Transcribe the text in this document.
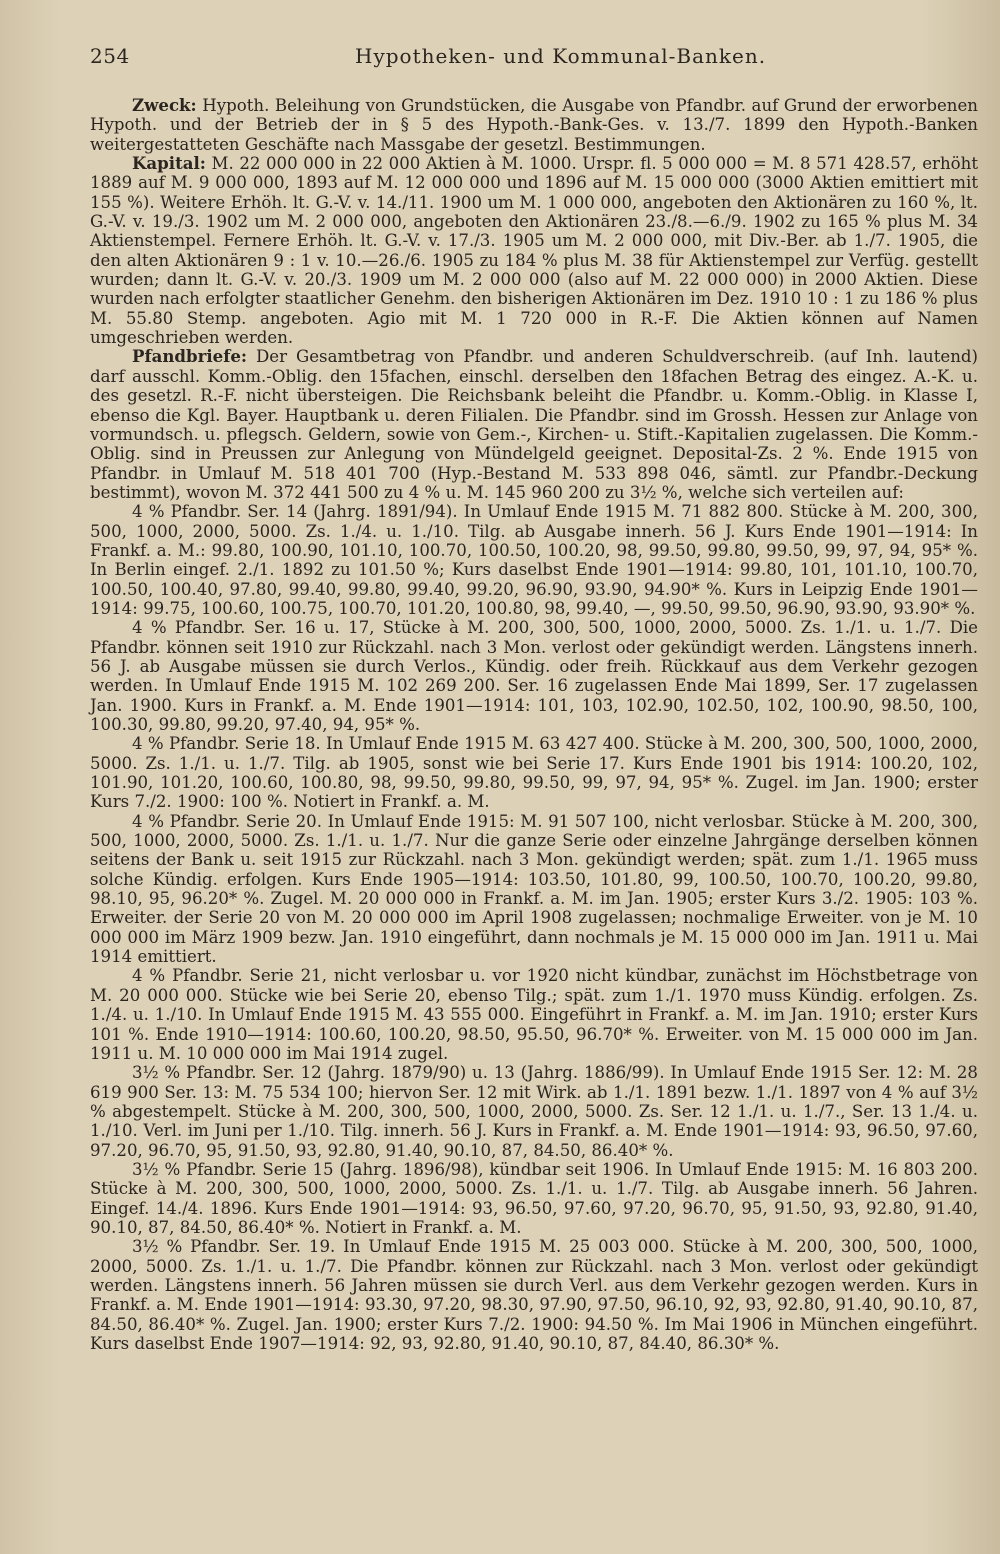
254	Hypotheken- und Kommunal-Banken.

Zweck: Hypoth. Beleihung von Grundstücken, die Ausgabe von Pfandbr. auf Grund der erworbenen Hypoth. und der Betrieb der in § 5 des Hypoth.-Bank-Ges. v. 13./7. 1899 den Hypoth.-Banken weitergestatteten Geschäfte nach Massgabe der gesetzl. Bestimmungen.

Kapital: M. 22 000 000 in 22 000 Aktien à M. 1000. Urspr. fl. 5 000 000 = M. 8 571 428.57, erhöht 1889 auf M. 9 000 000, 1893 auf M. 12 000 000 und 1896 auf M. 15 000 000 (3000 Aktien emittiert mit 155 %). Weitere Erhöh. lt. G.-V. v. 14./11. 1900 um M. 1 000 000, angeboten den Aktionären zu 160 %, lt. G.-V. v. 19./3. 1902 um M. 2 000 000, angeboten den Aktionären 23./8.—6./9. 1902 zu 165 % plus M. 34 Aktienstempel. Fernere Erhöh. lt. G.-V. v. 17./3. 1905 um M. 2 000 000, mit Div.-Ber. ab 1./7. 1905, die den alten Aktionären 9 : 1 v. 10.—26./6. 1905 zu 184 % plus M. 38 für Aktienstempel zur Verfüg. gestellt wurden; dann lt. G.-V. v. 20./3. 1909 um M. 2 000 000 (also auf M. 22 000 000) in 2000 Aktien. Diese wurden nach erfolgter staatlicher Genehm. den bisherigen Aktionären im Dez. 1910 10 : 1 zu 186 % plus M. 55.80 Stemp. angeboten. Agio mit M. 1 720 000 in R.-F. Die Aktien können auf Namen umgeschrieben werden.

Pfandbriefe: Der Gesamtbetrag von Pfandbr. und anderen Schuldverschreib. (auf Inh. lautend) darf ausschl. Komm.-Oblig. den 15fachen, einschl. derselben den 18fachen Betrag des eingez. A.-K. u. des gesetzl. R.-F. nicht übersteigen. Die Reichsbank beleiht die Pfandbr. u. Komm.-Oblig. in Klasse I, ebenso die Kgl. Bayer. Hauptbank u. deren Filialen. Die Pfandbr. sind im Grossh. Hessen zur Anlage von vormundsch. u. pflegsch. Geldern, sowie von Gem.-, Kirchen- u. Stift.-Kapitalien zugelassen. Die Komm.-Oblig. sind in Preussen zur Anlegung von Mündelgeld geeignet. Deposital-Zs. 2 %. Ende 1915 von Pfandbr. in Umlauf M. 518 401 700 (Hyp.-Bestand M. 533 898 046, sämtl. zur Pfandbr.-Deckung bestimmt), wovon M. 372 441 500 zu 4 % u. M. 145 960 200 zu 3½ %, welche sich verteilen auf:

4 % Pfandbr. Ser. 14 (Jahrg. 1891/94). In Umlauf Ende 1915 M. 71 882 800. Stücke à M. 200, 300, 500, 1000, 2000, 5000. Zs. 1./4. u. 1./10. Tilg. ab Ausgabe innerh. 56 J. Kurs Ende 1901—1914: In Frankf. a. M.: 99.80, 100.90, 101.10, 100.70, 100.50, 100.20, 98, 99.50, 99.80, 99.50, 99, 97, 94, 95* %. In Berlin eingef. 2./1. 1892 zu 101.50 %; Kurs daselbst Ende 1901—1914: 99.80, 101, 101.10, 100.70, 100.50, 100.40, 97.80, 99.40, 99.80, 99.40, 99.20, 96.90, 93.90, 94.90* %. Kurs in Leipzig Ende 1901—1914: 99.75, 100.60, 100.75, 100.70, 101.20, 100.80, 98, 99.40, —, 99.50, 99.50, 96.90, 93.90, 93.90* %.

4 % Pfandbr. Ser. 16 u. 17, Stücke à M. 200, 300, 500, 1000, 2000, 5000. Zs. 1./1. u. 1./7. Die Pfandbr. können seit 1910 zur Rückzahl. nach 3 Mon. verlost oder gekündigt werden. Längstens innerh. 56 J. ab Ausgabe müssen sie durch Verlos., Kündig. oder freih. Rückkauf aus dem Verkehr gezogen werden. In Umlauf Ende 1915 M. 102 269 200. Ser. 16 zugelassen Ende Mai 1899, Ser. 17 zugelassen Jan. 1900. Kurs in Frankf. a. M. Ende 1901—1914: 101, 103, 102.90, 102.50, 102, 100.90, 98.50, 100, 100.30, 99.80, 99.20, 97.40, 94, 95* %.

4 % Pfandbr. Serie 18. In Umlauf Ende 1915 M. 63 427 400. Stücke à M. 200, 300, 500, 1000, 2000, 5000. Zs. 1./1. u. 1./7. Tilg. ab 1905, sonst wie bei Serie 17. Kurs Ende 1901 bis 1914: 100.20, 102, 101.90, 101.20, 100.60, 100.80, 98, 99.50, 99.80, 99.50, 99, 97, 94, 95* %. Zugel. im Jan. 1900; erster Kurs 7./2. 1900: 100 %. Notiert in Frankf. a. M.

4 % Pfandbr. Serie 20. In Umlauf Ende 1915: M. 91 507 100, nicht verlosbar. Stücke à M. 200, 300, 500, 1000, 2000, 5000. Zs. 1./1. u. 1./7. Nur die ganze Serie oder einzelne Jahrgänge derselben können seitens der Bank u. seit 1915 zur Rückzahl. nach 3 Mon. gekündigt werden; spät. zum 1./1. 1965 muss solche Kündig. erfolgen. Kurs Ende 1905—1914: 103.50, 101.80, 99, 100.50, 100.70, 100.20, 99.80, 98.10, 95, 96.20* %. Zugel. M. 20 000 000 in Frankf. a. M. im Jan. 1905; erster Kurs 3./2. 1905: 103 %. Erweiter. der Serie 20 von M. 20 000 000 im April 1908 zugelassen; nochmalige Erweiter. von je M. 10 000 000 im März 1909 bezw. Jan. 1910 eingeführt, dann nochmals je M. 15 000 000 im Jan. 1911 u. Mai 1914 emittiert.

4 % Pfandbr. Serie 21, nicht verlosbar u. vor 1920 nicht kündbar, zunächst im Höchstbetrage von M. 20 000 000. Stücke wie bei Serie 20, ebenso Tilg.; spät. zum 1./1. 1970 muss Kündig. erfolgen. Zs. 1./4. u. 1./10. In Umlauf Ende 1915 M. 43 555 000. Eingeführt in Frankf. a. M. im Jan. 1910; erster Kurs 101 %. Ende 1910—1914: 100.60, 100.20, 98.50, 95.50, 96.70* %. Erweiter. von M. 15 000 000 im Jan. 1911 u. M. 10 000 000 im Mai 1914 zugel.

3½ % Pfandbr. Ser. 12 (Jahrg. 1879/90) u. 13 (Jahrg. 1886/99). In Umlauf Ende 1915 Ser. 12: M. 28 619 900 Ser. 13: M. 75 534 100; hiervon Ser. 12 mit Wirk. ab 1./1. 1891 bezw. 1./1. 1897 von 4 % auf 3½ % abgestempelt. Stücke à M. 200, 300, 500, 1000, 2000, 5000. Zs. Ser. 12 1./1. u. 1./7., Ser. 13 1./4. u. 1./10. Verl. im Juni per 1./10. Tilg. innerh. 56 J. Kurs in Frankf. a. M. Ende 1901—1914: 93, 96.50, 97.60, 97.20, 96.70, 95, 91.50, 93, 92.80, 91.40, 90.10, 87, 84.50, 86.40* %.

3½ % Pfandbr. Serie 15 (Jahrg. 1896/98), kündbar seit 1906. In Umlauf Ende 1915: M. 16 803 200. Stücke à M. 200, 300, 500, 1000, 2000, 5000. Zs. 1./1. u. 1./7. Tilg. ab Ausgabe innerh. 56 Jahren. Eingef. 14./4. 1896. Kurs Ende 1901—1914: 93, 96.50, 97.60, 97.20, 96.70, 95, 91.50, 93, 92.80, 91.40, 90.10, 87, 84.50, 86.40* %. Notiert in Frankf. a. M.

3½ % Pfandbr. Ser. 19. In Umlauf Ende 1915 M. 25 003 000. Stücke à M. 200, 300, 500, 1000, 2000, 5000. Zs. 1./1. u. 1./7. Die Pfandbr. können zur Rückzahl. nach 3 Mon. verlost oder gekündigt werden. Längstens innerh. 56 Jahren müssen sie durch Verl. aus dem Verkehr gezogen werden. Kurs in Frankf. a. M. Ende 1901—1914: 93.30, 97.20, 98.30, 97.90, 97.50, 96.10, 92, 93, 92.80, 91.40, 90.10, 87, 84.50, 86.40* %. Zugel. Jan. 1900; erster Kurs 7./2. 1900: 94.50 %. Im Mai 1906 in München eingeführt. Kurs daselbst Ende 1907—1914: 92, 93, 92.80, 91.40, 90.10, 87, 84.40, 86.30* %.
